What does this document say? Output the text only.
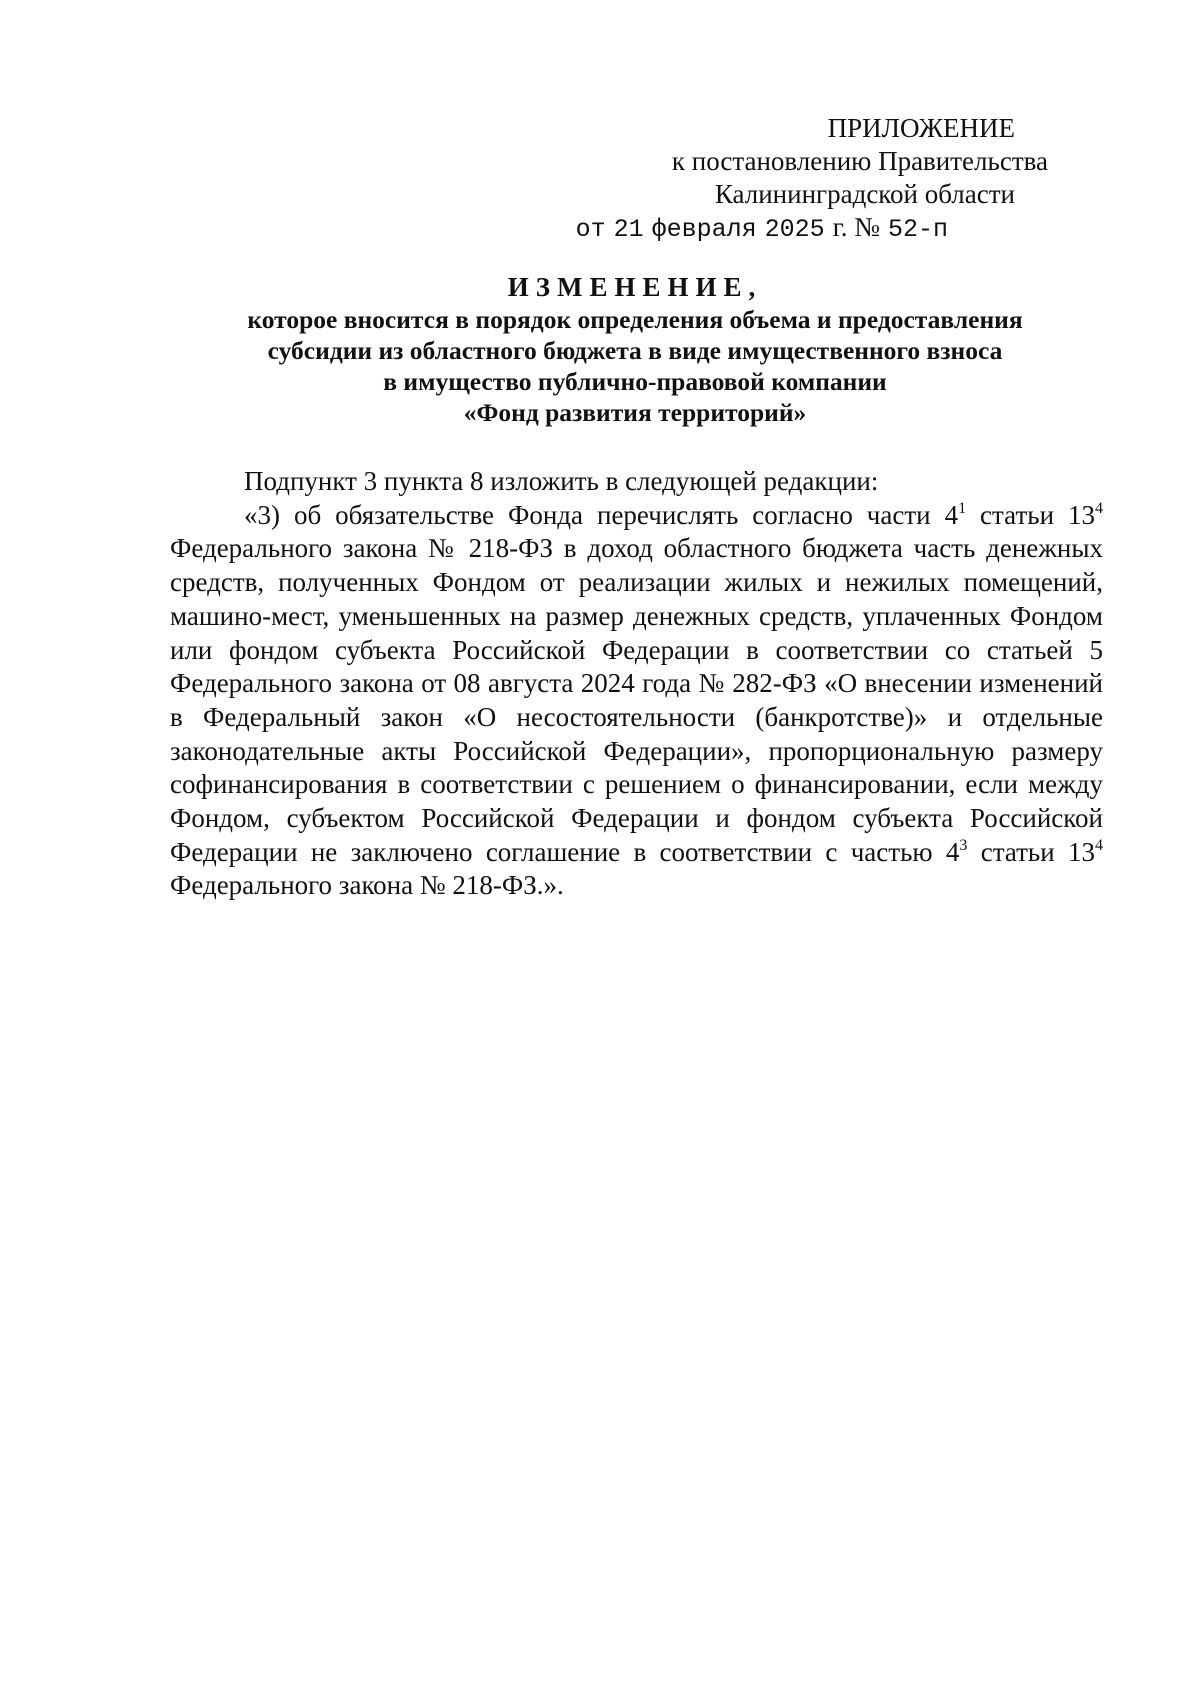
ПРИЛОЖЕНИЕ
к постановлению Правительства
Калининградской области
от 21 февраля 2025 г. № 52-п
ИЗМЕНЕНИЕ,
которое вносится в порядок определения объема и предоставления
субсидии из областного бюджета в виде имущественного взноса
в имущество публично-правовой компании
«Фонд развития территорий»

Подпункт 3 пункта 8 изложить в следующей редакции:

«3) об обязательстве Фонда перечислять согласно части $4^1$ статьи $13^4$ Федерального закона № 218-ФЗ в доход областного бюджета часть денежных средств, полученных Фондом от реализации жилых и нежилых помещений, машино-мест, уменьшенных на размер денежных средств, уплаченных Фондом или фондом субъекта Российской Федерации в соответствии со статьей 5 Федерального закона от 08 августа 2024 года № 282-ФЗ «О внесении изменений в Федеральный закон «О несостоятельности (банкротстве)» и отдельные законодательные акты Российской Федерации», пропорциональную размеру софинансирования в соответствии с решением о финансировании, если между Фондом, субъектом Российской Федерации и фондом субъекта Российской Федерации не заключено соглашение в соответствии с частью $4^3$ статьи $13^4$ Федерального закона № 218-ФЗ.».
